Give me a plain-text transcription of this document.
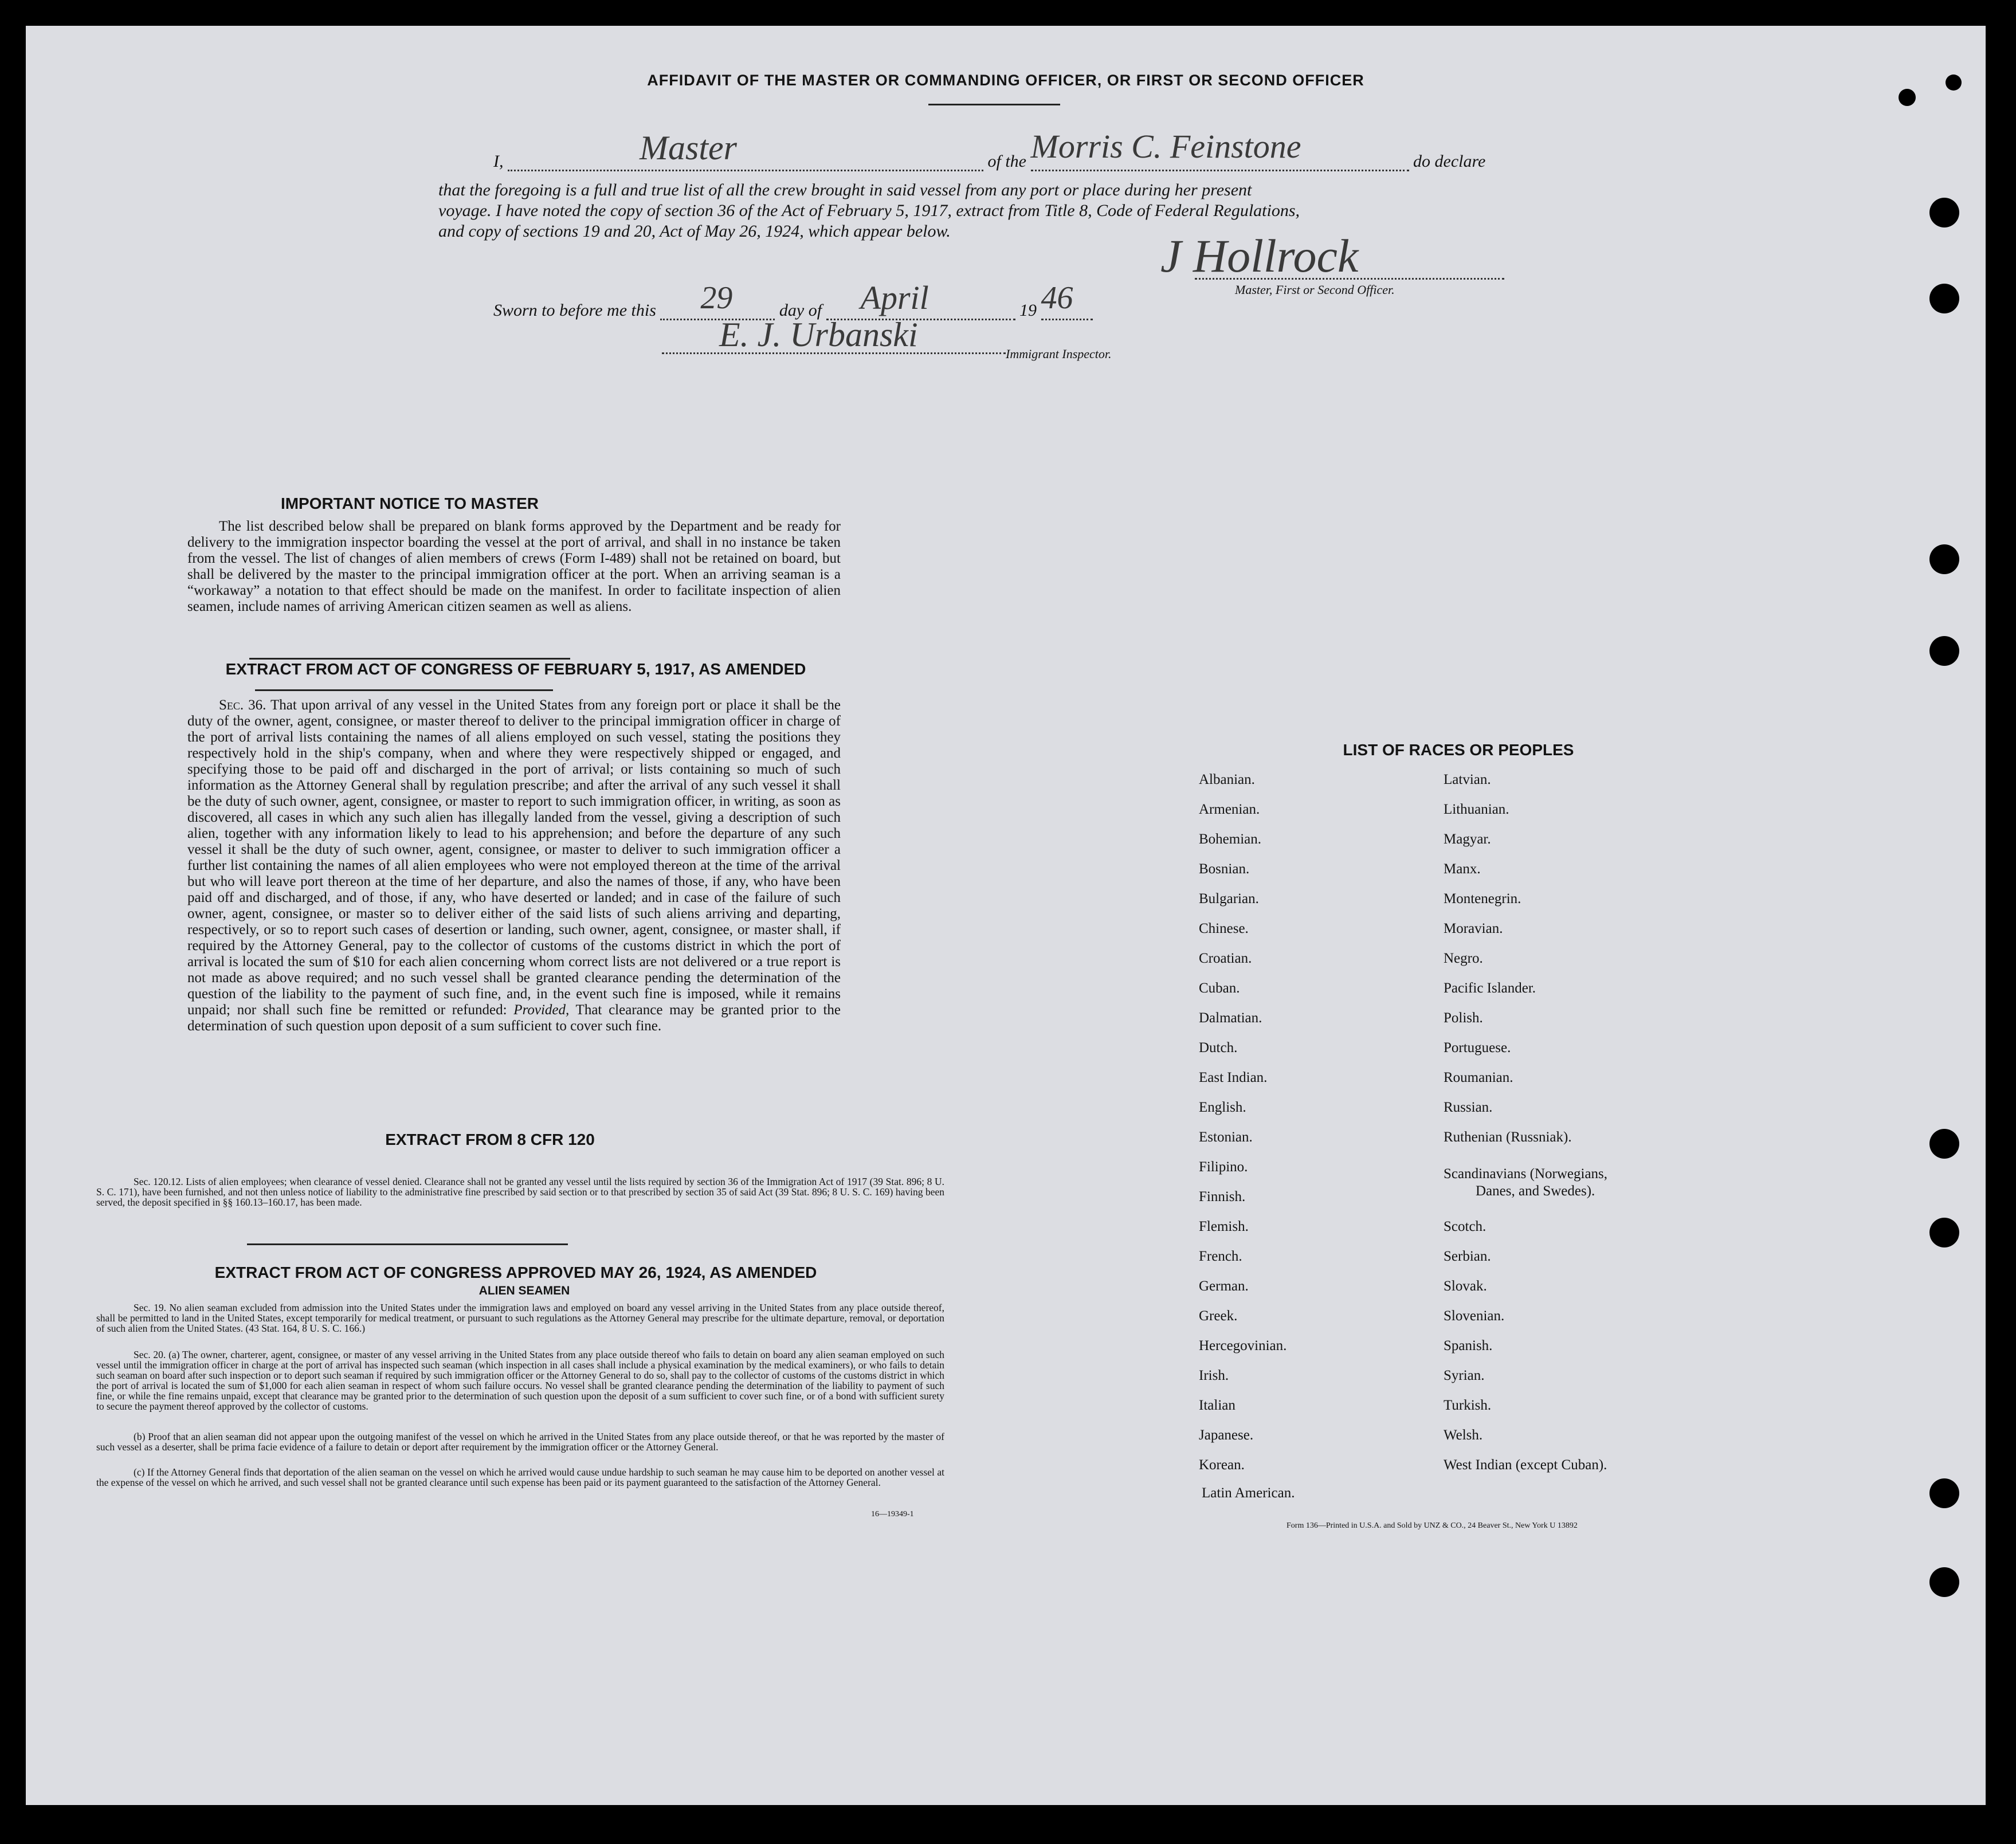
AFFIDAVIT OF THE MASTER OR COMMANDING OFFICER, OR FIRST OR SECOND OFFICER
I,	Master	of the Morris C. Feinstone	do declare
that the foregoing is a full and true list of all the crew brought in said vessel from any port or place during her present
voyage. I have noted the copy of section 36 of the Act of February 5, 1917, extract from Title 8, Code of Federal Regulations,
and copy of sections 19 and 20, Act of May 26, 1924, which appear below.	J Hollrock
Master, First or Second Officer.
Sworn to before me this 29	day of April	19 46
E. J. Urbanski
Immigrant Inspector.
IMPORTANT NOTICE TO MASTER
The list described below shall be prepared on blank forms approved by the Department and be ready for delivery to the immigration inspector boarding the vessel at the port of arrival, and shall in no instance be taken from the vessel. The list of changes of alien members of crews (Form I-489) shall not be retained on board, but shall be delivered by the master to the principal immigration officer at the port. When an arriving seaman is a “workaway” a notation to that effect should be made on the manifest. In order to facilitate inspection of alien seamen, include names of arriving American citizen seamen as well as aliens.
EXTRACT FROM ACT OF CONGRESS OF FEBRUARY 5, 1917, AS AMENDED
Sec. 36. That upon arrival of any vessel in the United States from any foreign port or place it shall be the duty of the owner, agent, consignee, or master thereof to deliver to the principal immigration officer in charge of the port of arrival lists containing the names of all aliens employed on such vessel, stating the positions they respectively hold in the ship's company, when and where they were respectively shipped or engaged, and specifying those to be paid off and discharged in the port of arrival; or lists containing so much of such information as the Attorney General shall by regulation prescribe; and after the arrival of any such vessel it shall be the duty of such owner, agent, consignee, or master to report to such immigration officer, in writing, as soon as discovered, all cases in which any such alien has illegally landed from the vessel, giving a description of such alien, together with any information likely to lead to his apprehension; and before the departure of any such vessel it shall be the duty of such owner, agent, consignee, or master to deliver to such immigration officer a further list containing the names of all alien employees who were not employed thereon at the time of the arrival but who will leave port thereon at the time of her departure, and also the names of those, if any, who have been paid off and discharged, and of those, if any, who have deserted or landed; and in case of the failure of such owner, agent, consignee, or master so to deliver either of the said lists of such aliens arriving and departing, respectively, or so to report such cases of desertion or landing, such owner, agent, consignee, or master shall, if required by the Attorney General, pay to the collector of customs of the customs district in which the port of arrival is located the sum of $10 for each alien concerning whom correct lists are not delivered or a true report is not made as above required; and no such vessel shall be granted clearance pending the determination of the question of the liability to the payment of such fine, and, in the event such fine is imposed, while it remains unpaid; nor shall such fine be remitted or refunded: Provided, That clearance may be granted prior to the determination of such question upon deposit of a sum sufficient to cover such fine.
EXTRACT FROM 8 CFR 120
Sec. 120.12. Lists of alien employees; when clearance of vessel denied. Clearance shall not be granted any vessel until the lists required by section 36 of the Immigration Act of 1917 (39 Stat. 896; 8 U. S. C. 171), have been furnished, and not then unless notice of liability to the administrative fine prescribed by said section or to that prescribed by section 35 of said Act (39 Stat. 896; 8 U. S. C. 169) having been served, the deposit specified in §§ 160.13–160.17, has been made.
EXTRACT FROM ACT OF CONGRESS APPROVED MAY 26, 1924, AS AMENDED
ALIEN SEAMEN
Sec. 19. No alien seaman excluded from admission into the United States under the immigration laws and employed on board any vessel arriving in the United States from any place outside thereof, shall be permitted to land in the United States, except temporarily for medical treatment, or pursuant to such regulations as the Attorney General may prescribe for the ultimate departure, removal, or deportation of such alien from the United States. (43 Stat. 164, 8 U. S. C. 166.)
Sec. 20. (a) The owner, charterer, agent, consignee, or master of any vessel arriving in the United States from any place outside thereof who fails to detain on board any alien seaman employed on such vessel until the immigration officer in charge at the port of arrival has inspected such seaman (which inspection in all cases shall include a physical examination by the medical examiners), or who fails to detain such seaman on board after such inspection or to deport such seaman if required by such immigration officer or the Attorney General to do so, shall pay to the collector of customs of the customs district in which the port of arrival is located the sum of $1,000 for each alien seaman in respect of whom such failure occurs. No vessel shall be granted clearance pending the determination of the liability to payment of such fine, or while the fine remains unpaid, except that clearance may be granted prior to the determination of such question upon the deposit of a sum sufficient to cover such fine, or of a bond with sufficient surety to secure the payment thereof approved by the collector of customs.
(b) Proof that an alien seaman did not appear upon the outgoing manifest of the vessel on which he arrived in the United States from any place outside thereof, or that he was reported by the master of such vessel as a deserter, shall be prima facie evidence of a failure to detain or deport after requirement by the immigration officer or the Attorney General.
(c) If the Attorney General finds that deportation of the alien seaman on the vessel on which he arrived would cause undue hardship to such seaman he may cause him to be deported on another vessel at the expense of the vessel on which he arrived, and such vessel shall not be granted clearance until such expense has been paid or its payment guaranteed to the satisfaction of the Attorney General.
16—19349-1
LIST OF RACES OR PEOPLES
Albanian.
Armenian.
Bohemian.
Bosnian.
Bulgarian.
Chinese.
Croatian.
Cuban.
Dalmatian.
Dutch.
East Indian.
English.
Estonian.
Filipino.
Finnish.
Flemish.
French.
German.
Greek.
Hercegovinian.
Irish.
Italian
Japanese.
Korean.
Latin American.
Latvian.
Lithuanian.
Magyar.
Manx.
Montenegrin.
Moravian.
Negro.
Pacific Islander.
Polish.
Portuguese.
Roumanian.
Russian.
Ruthenian (Russniak).
Scandinavians (Norwegians,
Danes, and Swedes).
Scotch.
Serbian.
Slovak.
Slovenian.
Spanish.
Syrian.
Turkish.
Welsh.
West Indian (except Cuban).
Form 136—Printed in U.S.A. and Sold by UNZ & CO., 24 Beaver St., New York U 13892
